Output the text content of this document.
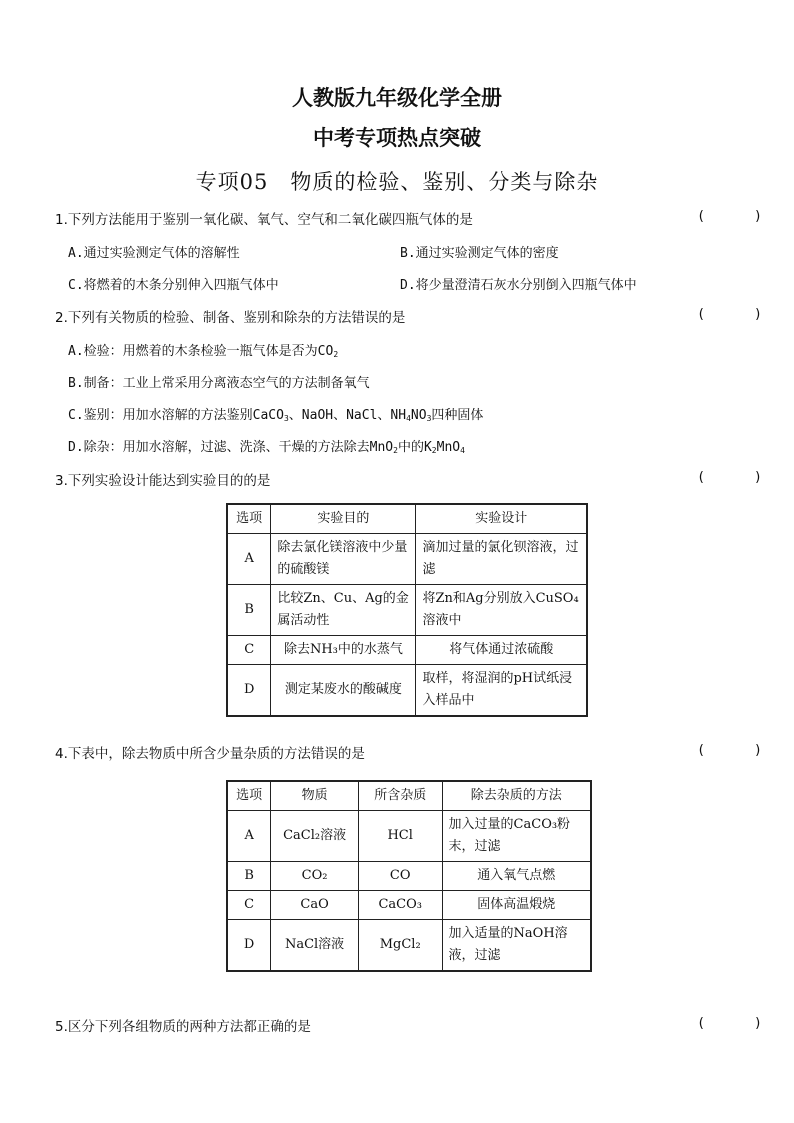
人教版九年级化学全册
中考专项热点突破
专项05　物质的检验、鉴别、分类与除杂
1.下列方法能用于鉴别一氧化碳、氧气、空气和二氧化碳四瓶气体的是	(      )
A.通过实验测定气体的溶解性	B.通过实验测定气体的密度
C.将燃着的木条分别伸入四瓶气体中	D.将少量澄清石灰水分别倒入四瓶气体中
2.下列有关物质的检验、制备、鉴别和除杂的方法错误的是	(      )
A.检验：用燃着的木条检验一瓶气体是否为$CO_2$
B.制备：工业上常采用分离液态空气的方法制备氧气
C.鉴别：用加水溶解的方法鉴别CaCO$_3$、NaOH、NaCl、$NH_4NO_3$四种固体
D.除杂：用加水溶解，过滤、洗涤、干燥的方法除去MnO$_2$中的$K_2MnO_4$
3.下列实验设计能达到实验目的的是	(      )
选项	实验目的	实验设计
A	除去氯化镁溶液中少量的硫酸镁	滴加过量的氯化钡溶液，过滤
B	比较Zn、Cu、Ag的金属活动性	将Zn和Ag分别放入CuSO₄溶液中
C	除去NH₃中的水蒸气	将气体通过浓硫酸
D	测定某废水的酸碱度	取样，将湿润的pH试纸浸入样品中
4.下表中，除去物质中所含少量杂质的方法错误的是	(      )
选项	物质	所含杂质	除去杂质的方法
A	CaCl₂溶液	HCl	加入过量的CaCO₃粉末，过滤
B	CO₂	CO	通入氧气点燃
C	CaO	CaCO₃	固体高温煅烧
D	NaCl溶液	MgCl₂	加入适量的NaOH溶液，过滤
5.区分下列各组物质的两种方法都正确的是	(      )
